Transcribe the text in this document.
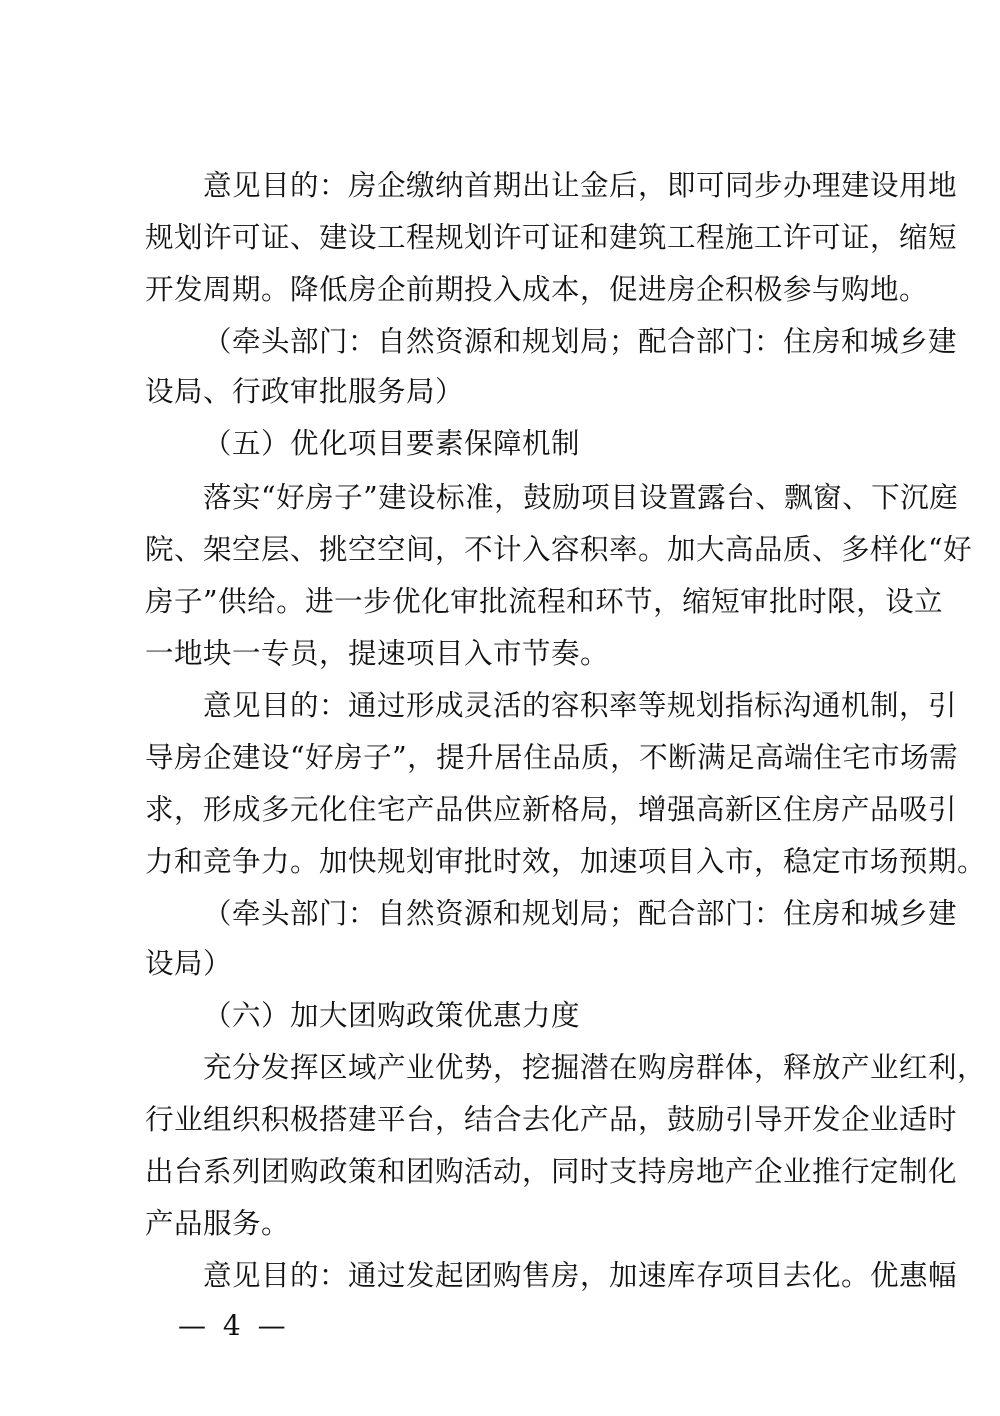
意见目的：房企缴纳首期出让金后，即可同步办理建设用地
规划许可证、建设工程规划许可证和建筑工程施工许可证，缩短
开发周期。降低房企前期投入成本，促进房企积极参与购地。
（牵头部门：自然资源和规划局；配合部门：住房和城乡建
设局、行政审批服务局）
（五）优化项目要素保障机制
落实“好房子”建设标准，鼓励项目设置露台、飘窗、下沉庭
院、架空层、挑空空间，不计入容积率。加大高品质、多样化“好
房子”供给。进一步优化审批流程和环节，缩短审批时限，设立
一地块一专员，提速项目入市节奏。
意见目的：通过形成灵活的容积率等规划指标沟通机制，引
导房企建设“好房子”，提升居住品质，不断满足高端住宅市场需
求，形成多元化住宅产品供应新格局，增强高新区住房产品吸引
力和竞争力。加快规划审批时效，加速项目入市，稳定市场预期。
（牵头部门：自然资源和规划局；配合部门：住房和城乡建
设局）
（六）加大团购政策优惠力度
充分发挥区域产业优势，挖掘潜在购房群体，释放产业红利，
行业组织积极搭建平台，结合去化产品，鼓励引导开发企业适时
出台系列团购政策和团购活动，同时支持房地产企业推行定制化
产品服务。
意见目的：通过发起团购售房，加速库存项目去化。优惠幅
— 4 —
